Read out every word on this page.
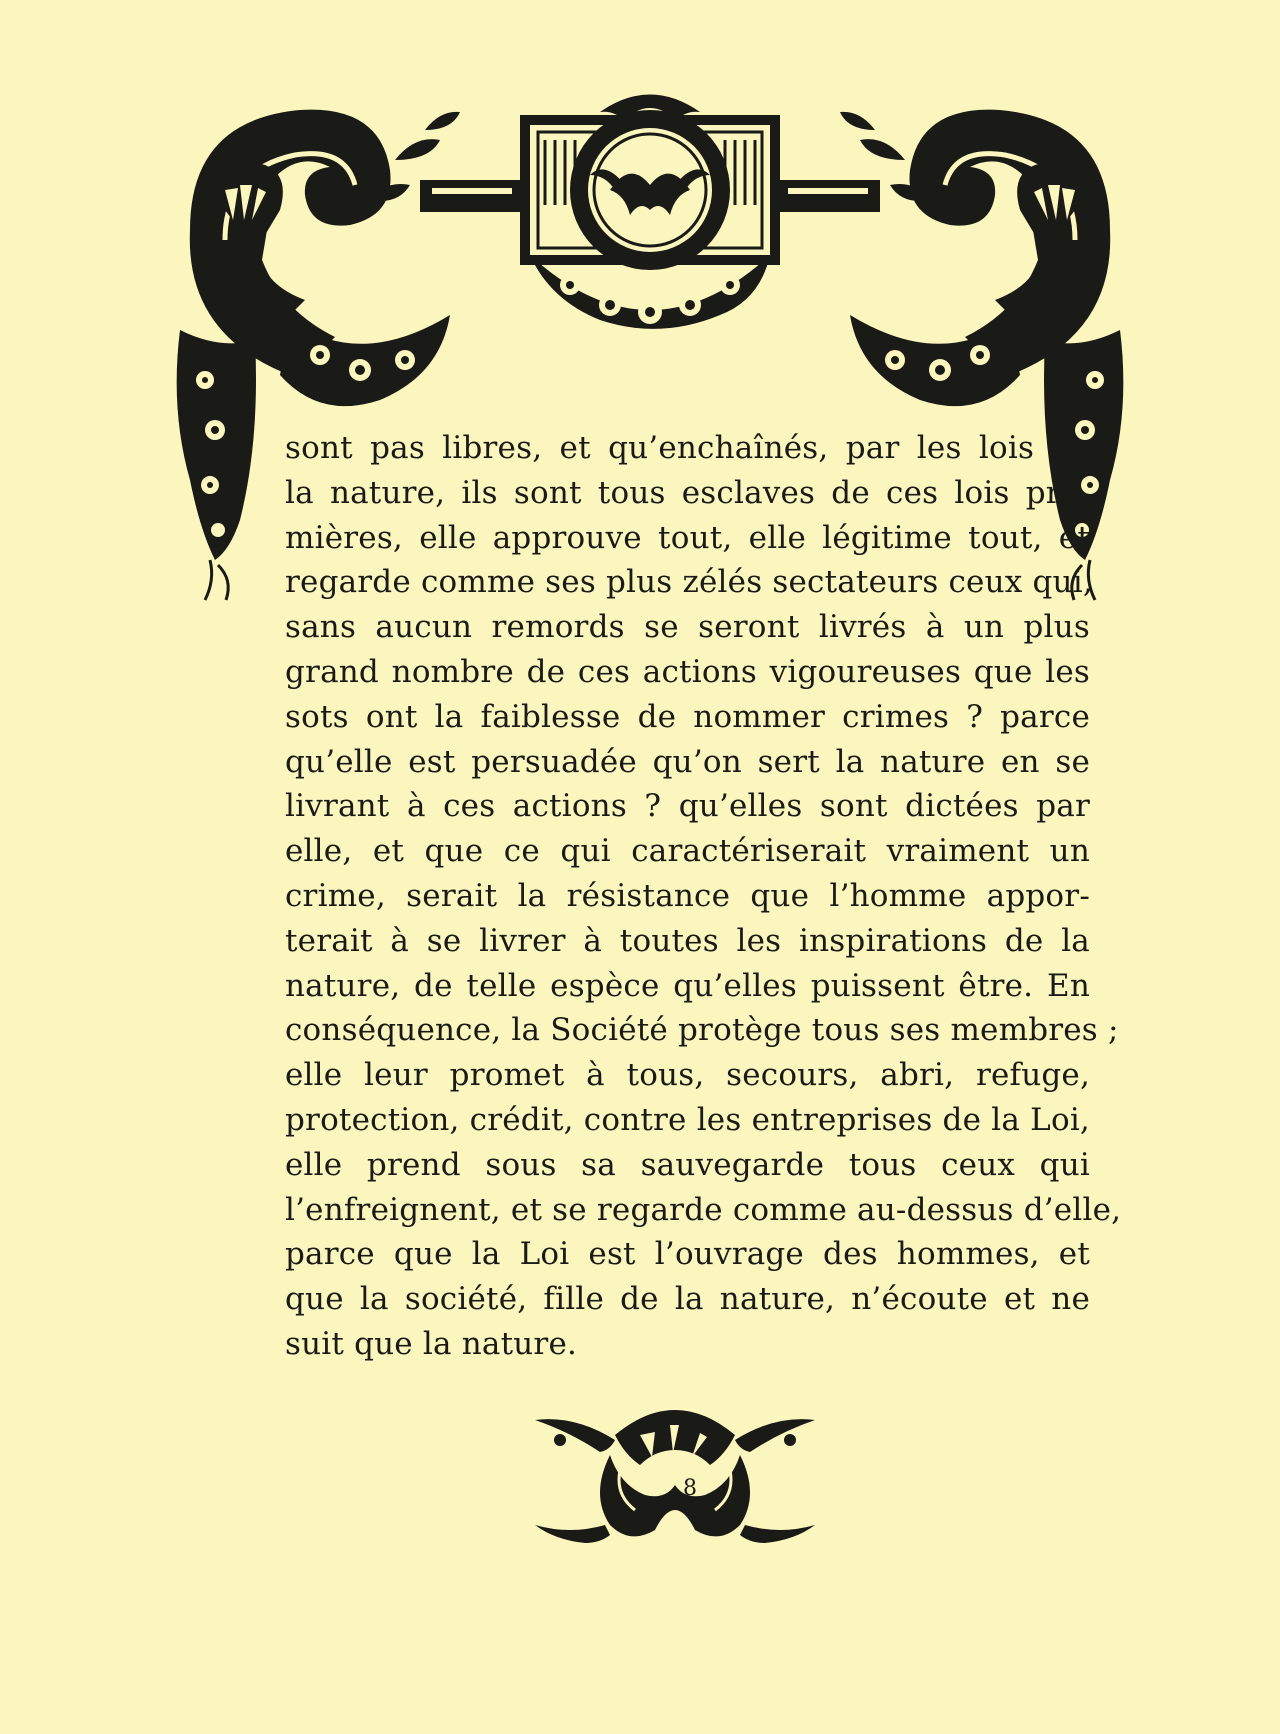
sont pas libres, et qu’enchaînés, par les lois de
la nature, ils sont tous esclaves de ces lois pre-
mières, elle approuve tout, elle légitime tout, et
regarde comme ses plus zélés sectateurs ceux qui,
sans aucun remords se seront livrés à un plus
grand nombre de ces actions vigoureuses que les
sots ont la faiblesse de nommer crimes ? parce
qu’elle est persuadée qu’on sert la nature en se
livrant à ces actions ? qu’elles sont dictées par
elle, et que ce qui caractériserait vraiment un
crime, serait la résistance que l’homme appor-
terait à se livrer à toutes les inspirations de la
nature, de telle espèce qu’elles puissent être. En
conséquence, la Société protège tous ses membres ;
elle leur promet à tous, secours, abri, refuge,
protection, crédit, contre les entreprises de la Loi,
elle prend sous sa sauvegarde tous ceux qui
l’enfreignent, et se regarde comme au-dessus d’elle,
parce que la Loi est l’ouvrage des hommes, et
que la société, fille de la nature, n’écoute et ne
suit que la nature.
8
